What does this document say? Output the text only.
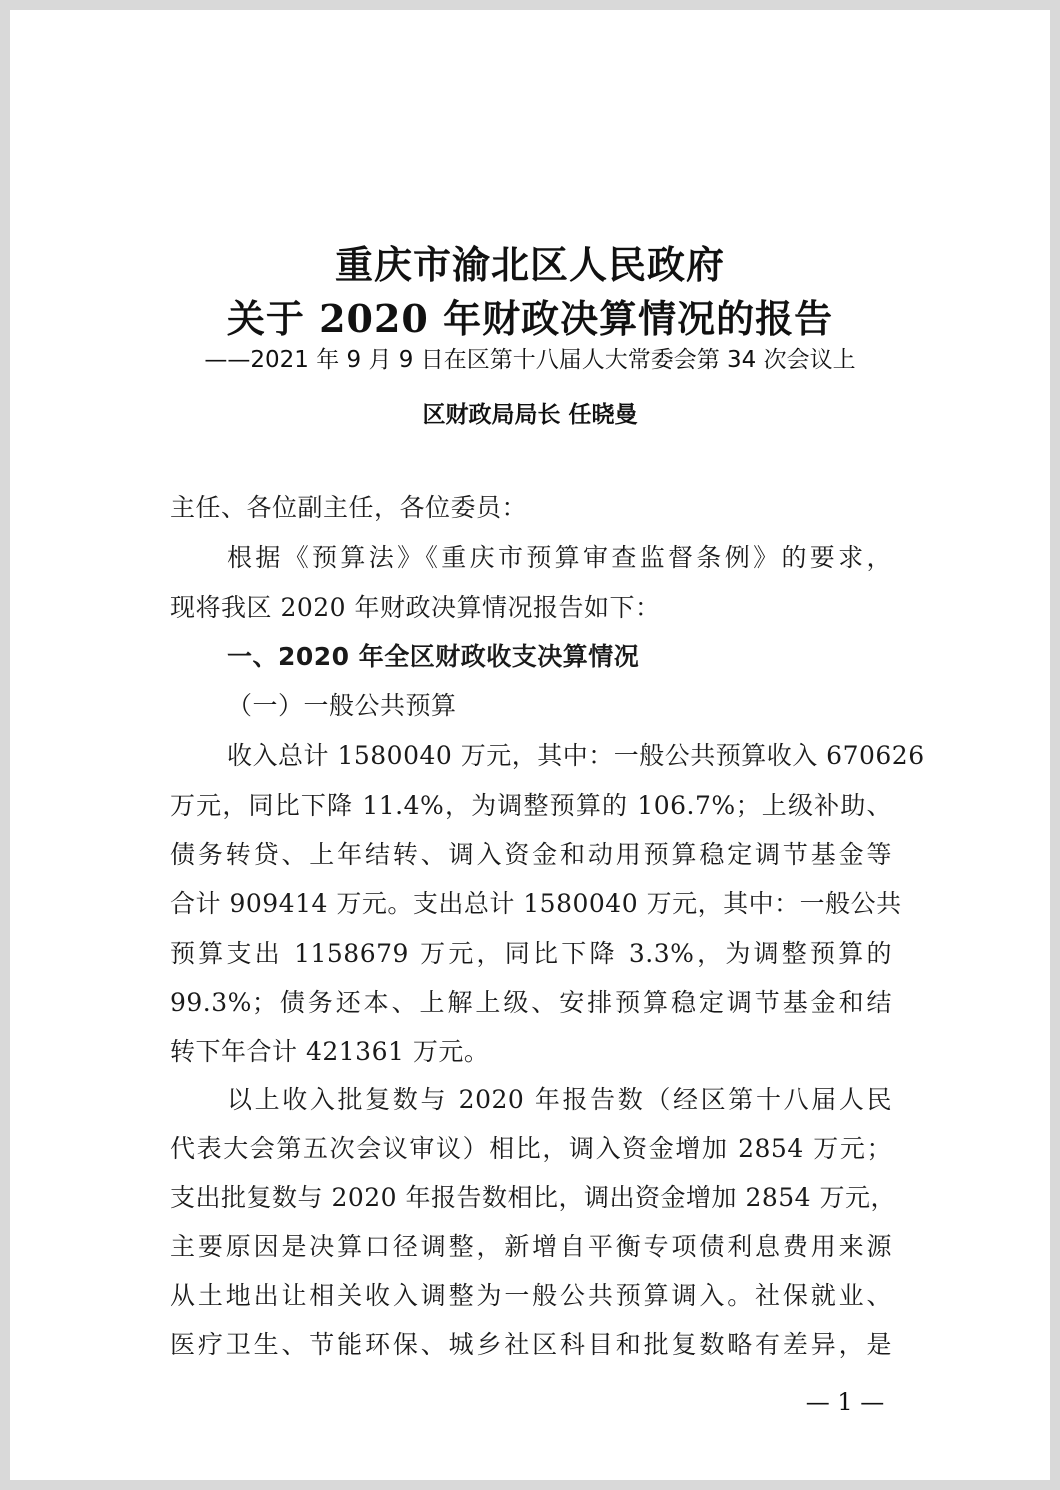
重庆市渝北区人民政府
关于 2020 年财政决算情况的报告
——2021 年 9 月 9 日在区第十八届人大常委会第 34 次会议上
区财政局局长 任晓曼
主任、各位副主任，各位委员：
根据《预算法》《重庆市预算审查监督条例》的要求，
现将我区 2020 年财政决算情况报告如下：
一、2020 年全区财政收支决算情况
（一）一般公共预算
收入总计 1580040 万元，其中：一般公共预算收入 670626
万元，同比下降 11.4%，为调整预算的 106.7%；上级补助、
债务转贷、上年结转、调入资金和动用预算稳定调节基金等
合计 909414 万元。支出总计 1580040 万元，其中：一般公共
预算支出 1158679 万元，同比下降 3.3%，为调整预算的
99.3%；债务还本、上解上级、安排预算稳定调节基金和结
转下年合计 421361 万元。
以上收入批复数与 2020 年报告数（经区第十八届人民
代表大会第五次会议审议）相比，调入资金增加 2854 万元；
支出批复数与 2020 年报告数相比，调出资金增加 2854 万元，
主要原因是决算口径调整，新增自平衡专项债利息费用来源
从土地出让相关收入调整为一般公共预算调入。社保就业、
医疗卫生、节能环保、城乡社区科目和批复数略有差异，是
— 1 —
